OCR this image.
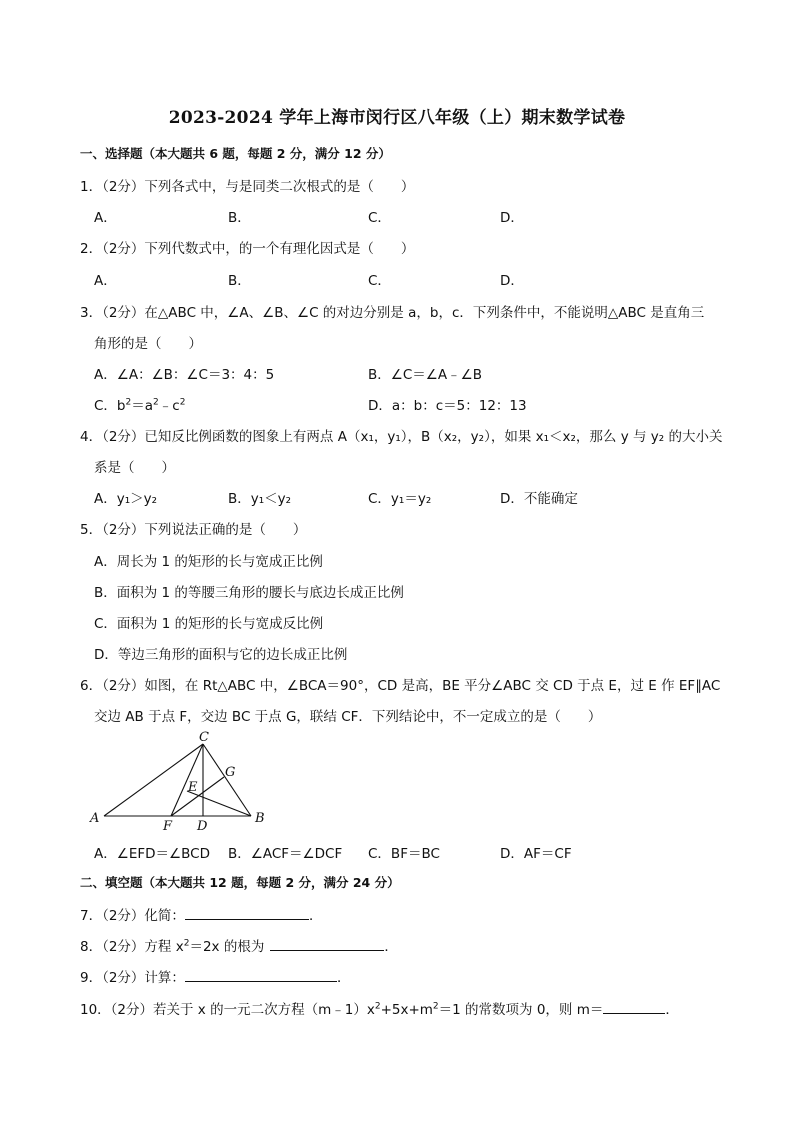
2023-2024 学年上海市闵行区八年级（上）期末数学试卷
一、选择题（本大题共 6 题，每题 2 分，满分 12 分）
1．（2分）下列各式中，与是同类二次根式的是（　　）
A．	B．	C．	D．
2．（2分）下列代数式中，的一个有理化因式是（　　）
A．	B．	C．	D．
3．（2分）在△ABC 中，∠A、∠B、∠C 的对边分别是 a，b，c．下列条件中，不能说明△ABC 是直角三
角形的是（　　）
A．∠A：∠B：∠C＝3：4：5	B．∠C＝∠A﹣∠B
C．$b^2=a^2﹣c^2$	D．a：b：c＝5：12：13
4．（2分）已知反比例函数的图象上有两点 A（x₁，y₁），B（x₂，y₂），如果 x₁＜x₂，那么 y 与 y₂ 的大小关
系是（　　）
A．y₁＞y₂	B．y₁＜y₂	C．y₁＝y₂	D．不能确定
5．（2分）下列说法正确的是（　　）
A．周长为 1 的矩形的长与宽成正比例
B．面积为 1 的等腰三角形的腰长与底边长成正比例
C．面积为 1 的矩形的长与宽成反比例
D．等边三角形的面积与它的边长成正比例
6．（2分）如图，在 Rt△ABC 中，∠BCA＝90°，CD 是高，BE 平分∠ABC 交 CD 于点 E，过 E 作 EF∥AC
交边 AB 于点 F，交边 BC 于点 G，联结 CF．下列结论中，不一定成立的是（　　）
A	B
C
D
E
F
G
A．∠EFD＝∠BCD B．∠ACF＝∠DCF C．BF＝BC	D．AF＝CF
二、填空题（本大题共 12 题，每题 2 分，满分 24 分）
7．（2分）化简：	．
8．（2分）方程 $x^2=2x$ 的根为	．
9．（2分）计算：	．
10．（2分）若关于 x 的一元二次方程$(m﹣1)x^2+5x+m^2=1$ 的常数项为 0，则 m＝	．
